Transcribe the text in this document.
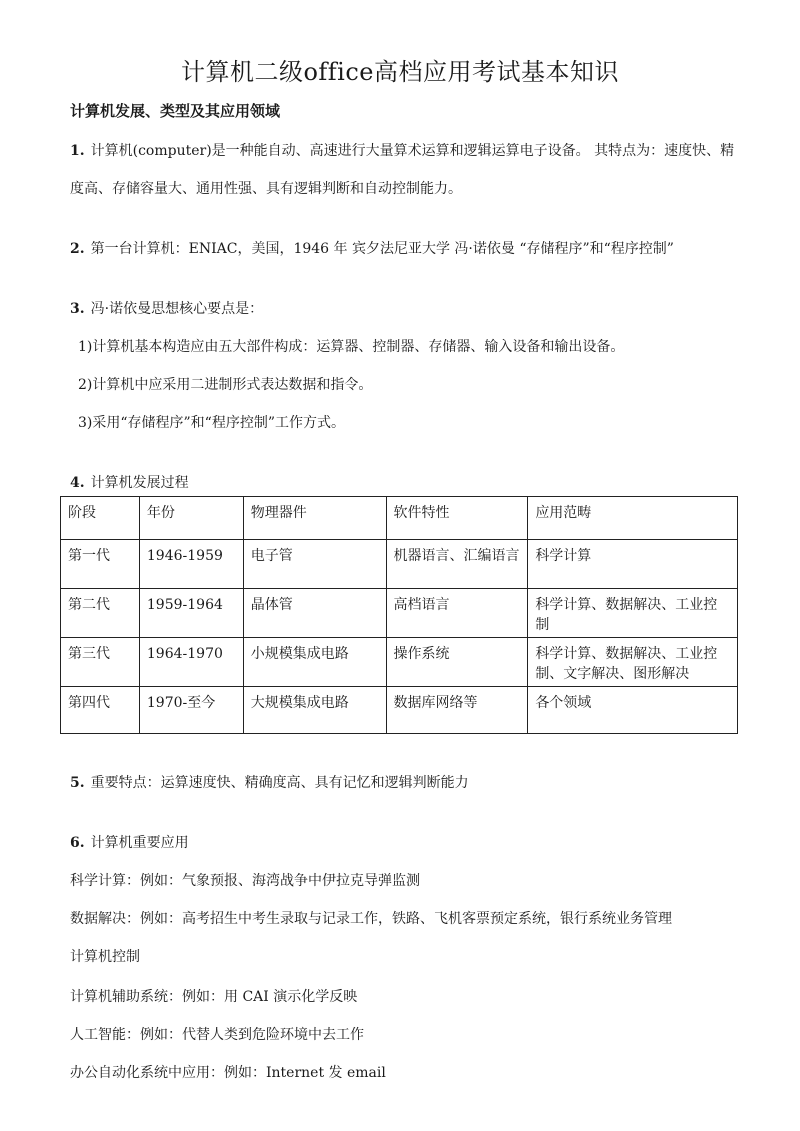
计算机二级office高档应用考试基本知识
计算机发展、类型及其应用领域
1. 计算机(computer)是一种能自动、高速进行大量算术运算和逻辑运算电子设备。 其特点为：速度快、精
度高、存储容量大、通用性强、具有逻辑判断和自动控制能力。
2. 第一台计算机：ENIAC，美国，1946 年 宾夕法尼亚大学 冯·诺依曼 “存储程序”和“程序控制”
3. 冯·诺依曼思想核心要点是：
1)计算机基本构造应由五大部件构成：运算器、控制器、存储器、输入设备和输出设备。
2)计算机中应采用二进制形式表达数据和指令。
3)采用“存储程序”和“程序控制”工作方式。
4. 计算机发展过程
阶段	年份	物理器件	软件特性	应用范畴
第一代	1946-1959	电子管	机器语言、汇编语言	科学计算
第二代	1959-1964	晶体管	高档语言	科学计算、数据解决、工业控制
第三代	1964-1970	小规模集成电路	操作系统	科学计算、数据解决、工业控制、文字解决、图形解决
第四代	1970-至今	大规模集成电路	数据库网络等	各个领域
5. 重要特点：运算速度快、精确度高、具有记忆和逻辑判断能力
6. 计算机重要应用
科学计算：例如：气象预报、海湾战争中伊拉克导弹监测
数据解决：例如：高考招生中考生录取与记录工作，铁路、飞机客票预定系统，银行系统业务管理
计算机控制
计算机辅助系统：例如：用 CAI 演示化学反映
人工智能：例如：代替人类到危险环境中去工作
办公自动化系统中应用：例如：Internet 发 email
